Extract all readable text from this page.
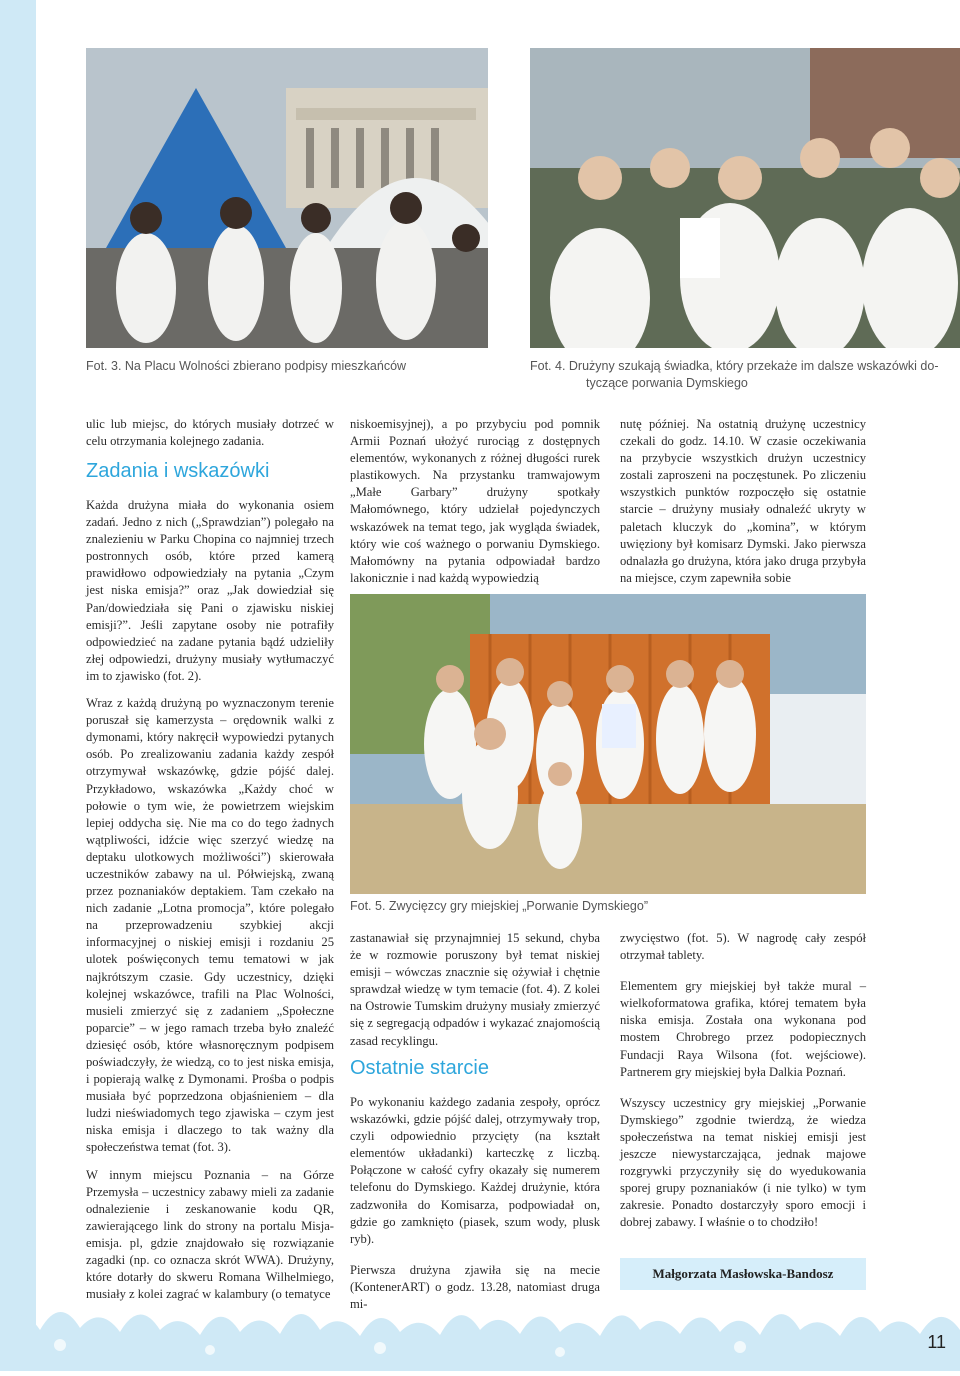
Fot. 3. Na Placu Wolności zbierano podpisy mieszkańców	Fot. 4. Drużyny szukają świadka, który przekaże im dalsze wskazówki do-
tyczące porwania Dymskiego
ulic lub miejsc, do których musiały dotrzeć w celu otrzymania kolejnego zadania.
Zadania i wskazówki

Każda drużyna miała do wykonania osiem zadań. Jedno z nich („Sprawdzian”) polegało na znalezieniu w Parku Chopina co najmniej trzech postronnych osób, które przed kamerą prawidłowo odpowiedziały na pytania „Czym jest niska emisja?” oraz „Jak dowiedział się Pan/dowiedziała się Pani o zjawisku niskiej emisji?”. Jeśli zapytane osoby nie potrafiły odpowiedzieć na zadane pytania bądź udzieliły złej odpowiedzi, drużyny musiały wytłumaczyć im to zjawisko (fot. 2).

Wraz z każdą drużyną po wyznaczonym terenie poruszał się kamerzysta – orędownik walki z dymonami, który nakręcił wypowiedzi pytanych osób. Po zrealizowaniu zadania każdy zespół otrzymywał wskazówkę, gdzie pójść dalej. Przykładowo, wskazówka „Każdy choć w połowie o tym wie, że powietrzem wiejskim lepiej oddycha się. Nie ma co do tego żadnych wątpliwości, idźcie więc szerzyć wiedzę na deptaku ulotkowych możliwości”) skierowała uczestników zabawy na ul. Półwiejską, zwaną przez poznaniaków deptakiem. Tam czekało na nich zadanie „Lotna promocja”, które polegało na przeprowadzeniu szybkiej akcji informacyjnej o niskiej emisji i rozdaniu 25 ulotek poświęconych temu tematowi w jak najkrótszym czasie. Gdy uczestnicy, dzięki kolejnej wskazówce, trafili na Plac Wolności, musieli zmierzyć się z zadaniem „Społeczne poparcie” – w jego ramach trzeba było znaleźć dziesięć osób, które własnoręcznym podpisem poświadczyły, że wiedzą, co to jest niska emisja, i popierają walkę z Dymonami. Prośba o podpis musiała być poprzedzona objaśnieniem – dla ludzi nieświadomych tego zjawiska – czym jest niska emisja i dlaczego to tak ważny dla społeczeństwa temat (fot. 3).

W innym miejscu Poznania – na Górze Przemysła – uczestnicy zabawy mieli za zadanie odnalezienie i zeskanowanie kodu QR, zawierającego link do strony na portalu Misja-emisja. pl, gdzie znajdowało się rozwiązanie zagadki (np. co oznacza skrót WWA). Drużyny, które dotarły do skweru Romana Wilhelmiego, musiały z kolei zagrać w kalambury (o tematyce

niskoemisyjnej), a po przybyciu pod pomnik Armii Poznań ułożyć rurociąg z dostępnych elementów, wykonanych z różnej długości rurek plastikowych. Na przystanku tramwajowym „Małe Garbary” drużyny spotkały Małomównego, który udzielał pojedynczych wskazówek na temat tego, jak wygląda świadek, który wie coś ważnego o porwaniu Dymskiego. Małomówny na pytania odpowiadał bardzo lakonicznie i nad każdą wypowiedzią
nutę później. Na ostatnią drużynę uczestnicy czekali do godz. 14.10. W czasie oczekiwania na przybycie wszystkich drużyn uczestnicy zostali zaproszeni na poczęstunek. Po zliczeniu wszystkich punktów rozpoczęło się ostatnie starcie – drużyny musiały odnaleźć ukryty w paletach kluczyk do „komina”, w którym uwięziony był komisarz Dymski. Jako pierwsza odnalazła go drużyna, która jako druga przybyła na miejsce, czym zapewniła sobie
Fot. 5. Zwycięzcy gry miejskiej „Porwanie Dymskiego”
zastanawiał się przynajmniej 15 sekund, chyba że w rozmowie poruszony był temat niskiej emisji – wówczas znacznie się ożywiał i chętnie sprawdzał wiedzę w tym temacie (fot. 4). Z kolei na Ostrowie Tumskim drużyny musiały zmierzyć się z segregacją odpadów i wykazać znajomością zasad recyklingu.
Ostatnie starcie

Po wykonaniu każdego zadania zespoły, oprócz wskazówki, gdzie pójść dalej, otrzymywały trop, czyli odpowiednio przycięty (na kształt elementów układanki) karteczkę z liczbą. Połączone w całość cyfry okazały się numerem telefonu do Dymskiego. Każdej drużynie, która zadzwoniła do Komisarza, podpowiadał on, gdzie go zamknięto (piasek, szum wody, plusk ryb).

Pierwsza drużyna zjawiła się na mecie (KontenerART) o godz. 13.28, natomiast druga mi-

zwycięstwo (fot. 5). W nagrodę cały zespół otrzymał tablety.

Elementem gry miejskiej był także mural – wielkoformatowa grafika, której tematem była niska emisja. Została ona wykonana pod mostem Chrobrego przez podopiecznych Fundacji Raya Wilsona (fot. wejściowe). Partnerem gry miejskiej była Dalkia Poznań.

Wszyscy uczestnicy gry miejskiej „Porwanie Dymskiego” zgodnie twierdzą, że wiedza społeczeństwa na temat niskiej emisji jest jeszcze niewystarczająca, jednak majowe rozgrywki przyczyniły się do wyedukowania sporej grupy poznaniaków (i nie tylko) w tym zakresie. Ponadto dostarczyły sporo emocji i dobrej zabawy. I właśnie o to chodziło!

Małgorzata Masłowska-Bandosz
11
